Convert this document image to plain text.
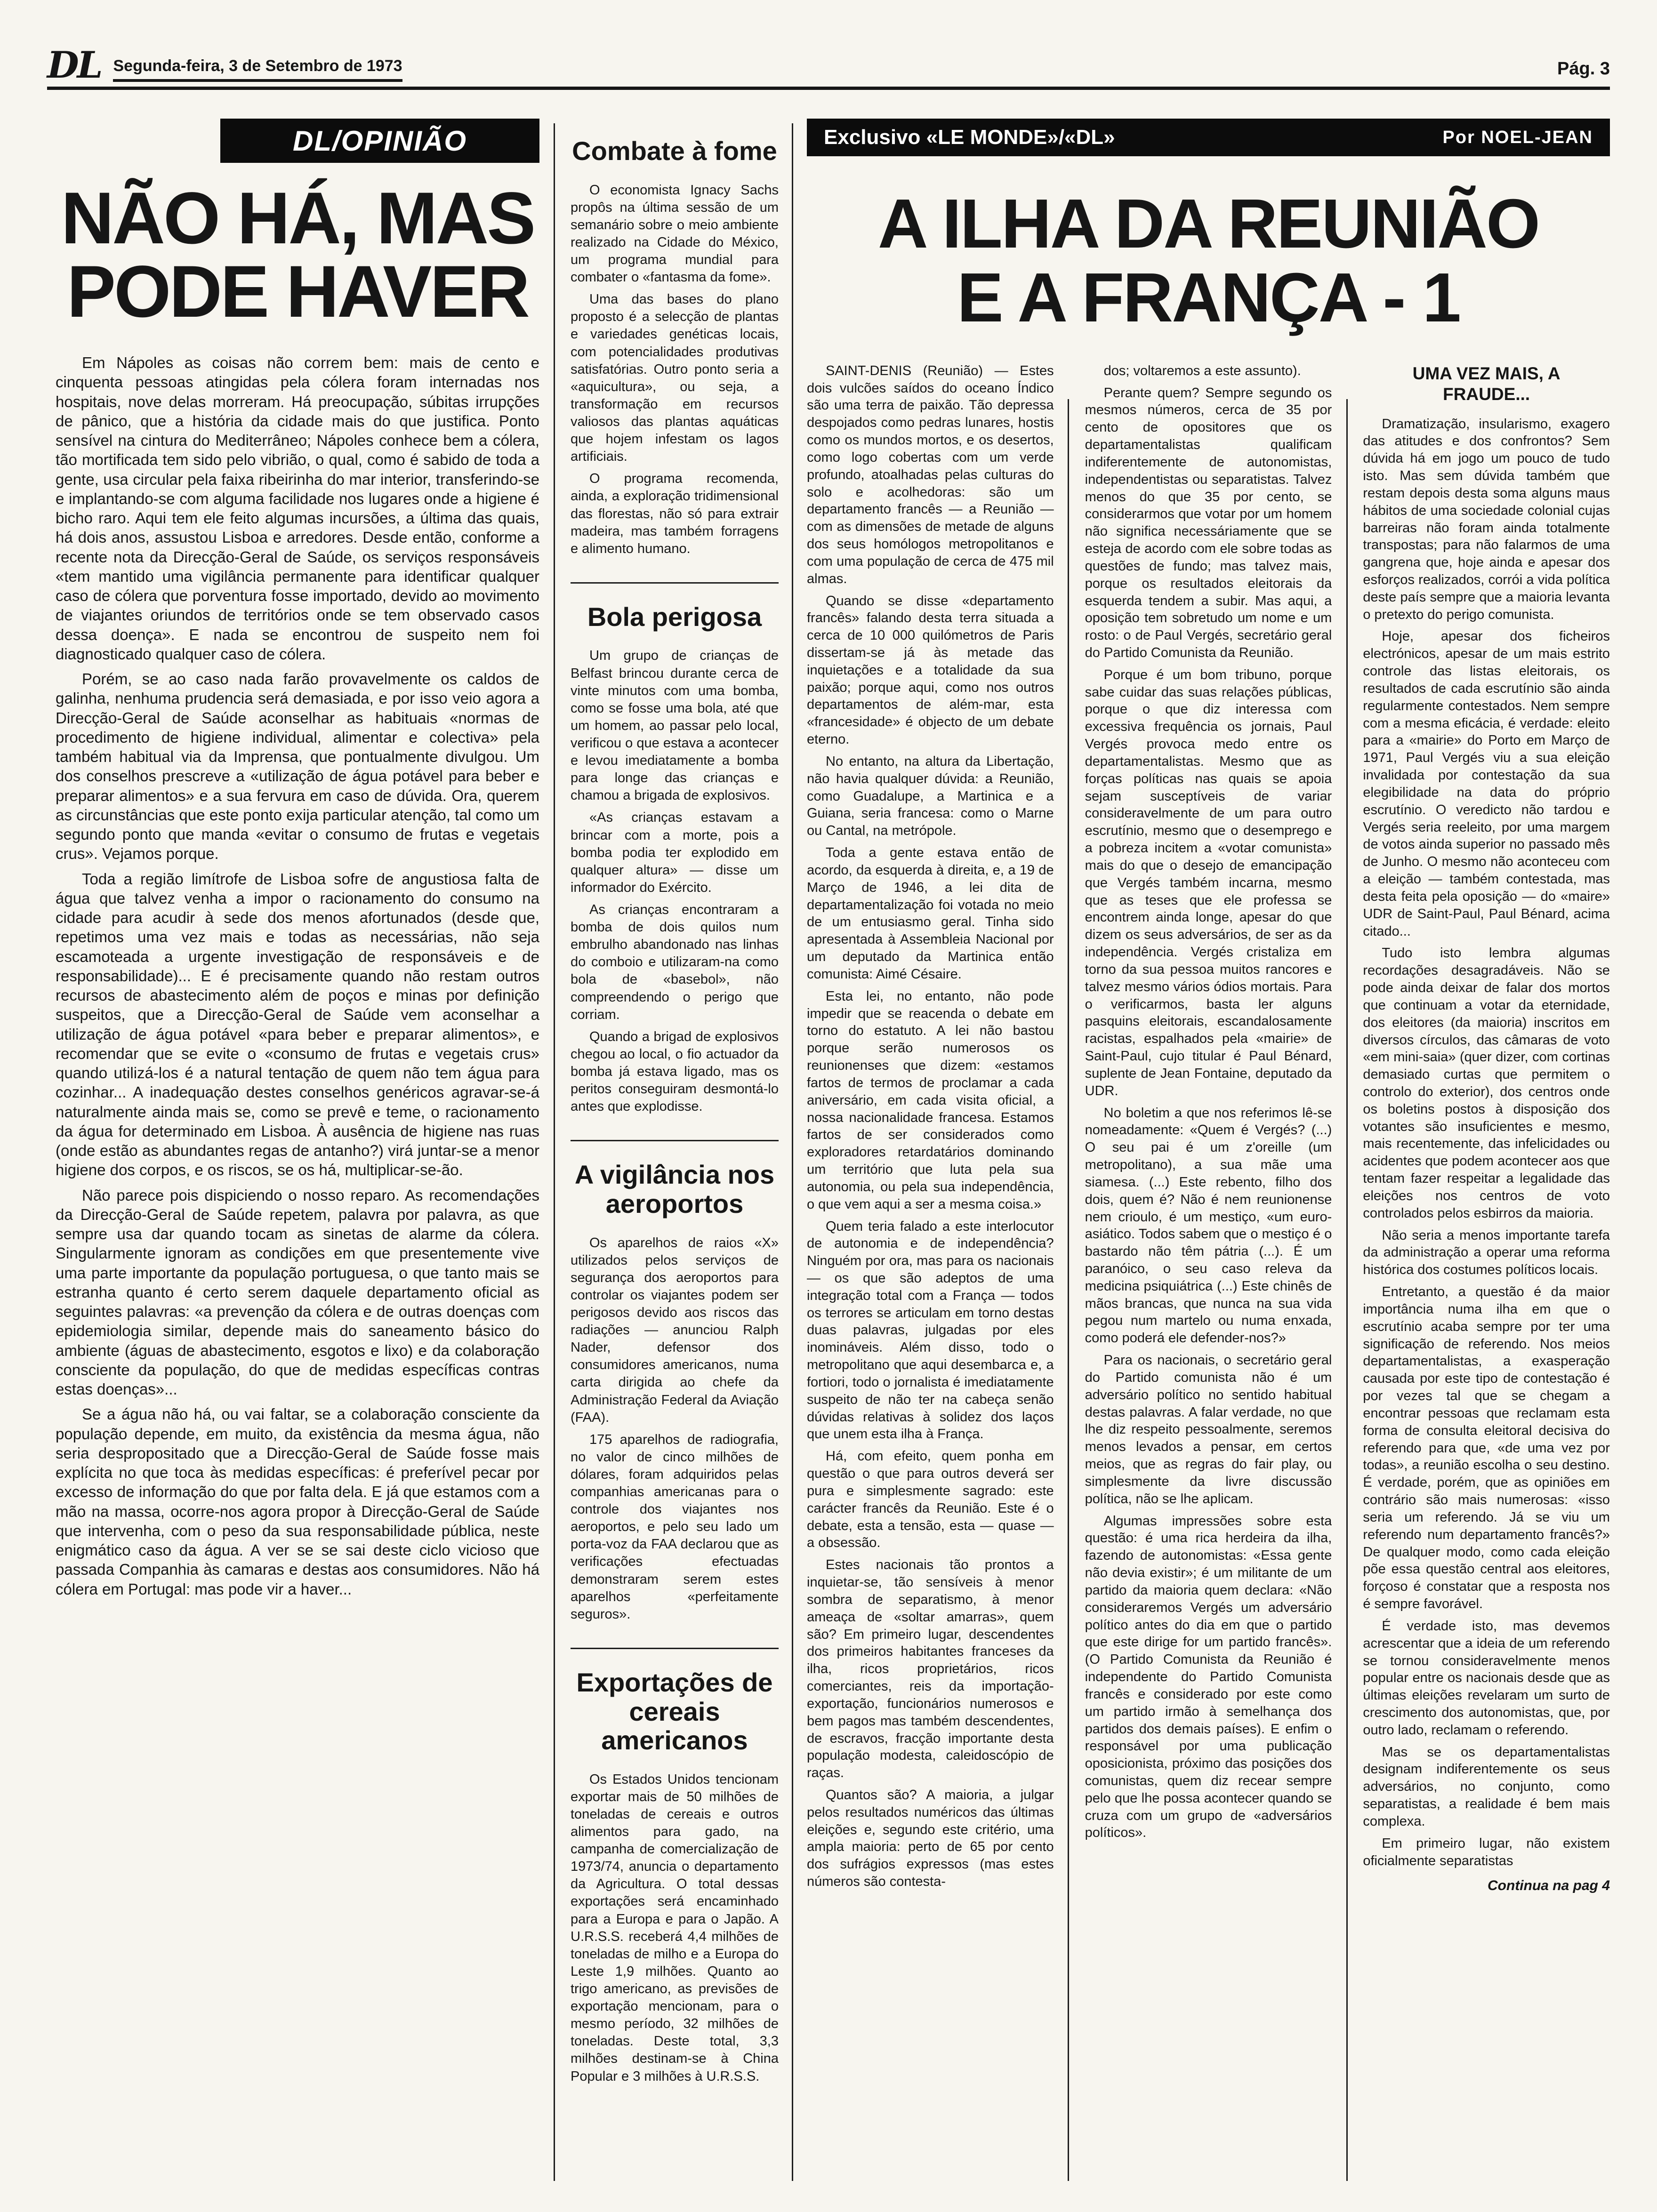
DL Segunda-feira, 3 de Setembro de 1973	Pág. 3
DL/OPINIÃO
NÃO HÁ, MAS
PODE HAVER

Em Nápoles as coisas não correm bem: mais de cento e cinquenta pessoas atingidas pela cólera foram internadas nos hospitais, nove delas morreram. Há preocupação, súbitas irrupções de pânico, que a história da cidade mais do que justifica. Ponto sensível na cintura do Mediterrâneo; Nápoles conhece bem a cólera, tão mortificada tem sido pelo vibrião, o qual, como é sabido de toda a gente, usa circular pela faixa ribeirinha do mar interior, transferindo-se e implantando-se com alguma facilidade nos lugares onde a higiene é bicho raro. Aqui tem ele feito algumas incursões, a última das quais, há dois anos, assustou Lisboa e arredores. Desde então, conforme a recente nota da Direcção-Geral de Saúde, os serviços responsáveis «tem mantido uma vigilância permanente para identificar qualquer caso de cólera que porventura fosse importado, devido ao movimento de viajantes oriundos de territórios onde se tem observado casos dessa doença». E nada se encontrou de suspeito nem foi diagnosticado qualquer caso de cólera.

Porém, se ao caso nada farão provavelmente os caldos de galinha, nenhuma prudencia será demasiada, e por isso veio agora a Direcção-Geral de Saúde aconselhar as habituais «normas de procedimento de higiene individual, alimentar e colectiva» pela também habitual via da Imprensa, que pontualmente divulgou. Um dos conselhos prescreve a «utilização de água potável para beber e preparar alimentos» e a sua fervura em caso de dúvida. Ora, querem as circunstâncias que este ponto exija particular atenção, tal como um segundo ponto que manda «evitar o consumo de frutas e vegetais crus». Vejamos porque.

Toda a região limítrofe de Lisboa sofre de angustiosa falta de água que talvez venha a impor o racionamento do consumo na cidade para acudir à sede dos menos afortunados (desde que, repetimos uma vez mais e todas as necessárias, não seja escamoteada a urgente investigação de responsáveis e de responsabilidade)... E é precisamente quando não restam outros recursos de abastecimento além de poços e minas por definição suspeitos, que a Direcção-Geral de Saúde vem aconselhar a utilização de água potável «para beber e preparar alimentos», e recomendar que se evite o «consumo de frutas e vegetais crus» quando utilizá-los é a natural tentação de quem não tem água para cozinhar... A inadequação destes conselhos genéricos agravar-se-á naturalmente ainda mais se, como se prevê e teme, o racionamento da água for determinado em Lisboa. À ausência de higiene nas ruas (onde estão as abundantes regas de antanho?) virá juntar-se a menor higiene dos corpos, e os riscos, se os há, multiplicar-se-ão.

Não parece pois dispiciendo o nosso reparo. As recomendações da Direcção-Geral de Saúde repetem, palavra por palavra, as que sempre usa dar quando tocam as sinetas de alarme da cólera. Singularmente ignoram as condições em que presentemente vive uma parte importante da população portuguesa, o que tanto mais se estranha quanto é certo serem daquele departamento oficial as seguintes palavras: «a prevenção da cólera e de outras doenças com epidemiologia similar, depende mais do saneamento básico do ambiente (águas de abastecimento, esgotos e lixo) e da colaboração consciente da população, do que de medidas específicas contras estas doenças»...

Se a água não há, ou vai faltar, se a colaboração consciente da população depende, em muito, da existência da mesma água, não seria despropositado que a Direcção-Geral de Saúde fosse mais explícita no que toca às medidas específicas: é preferível pecar por excesso de informação do que por falta dela. E já que estamos com a mão na massa, ocorre-nos agora propor à Direcção-Geral de Saúde que intervenha, com o peso da sua responsabilidade pública, neste enigmático caso da água. A ver se se sai deste ciclo vicioso que passada Companhia às camaras e destas aos consumidores. Não há cólera em Portugal: mas pode vir a haver...

Combate à fome

O economista Ignacy Sachs propôs na última sessão de um semanário sobre o meio ambiente realizado na Cidade do México, um programa mundial para combater o «fantasma da fome».

Uma das bases do plano proposto é a selecção de plantas e variedades genéticas locais, com potencialidades produtivas satisfatórias. Outro ponto seria a «aquicultura», ou seja, a transformação em recursos valiosos das plantas aquáticas que hojem infestam os lagos artificiais.

O programa recomenda, ainda, a exploração tridimensional das florestas, não só para extrair madeira, mas também forragens e alimento humano.

Bola perigosa

Um grupo de crianças de Belfast brincou durante cerca de vinte minutos com uma bomba, como se fosse uma bola, até que um homem, ao passar pelo local, verificou o que estava a acontecer e levou imediatamente a bomba para longe das crianças e chamou a brigada de explosivos.

«As crianças estavam a brincar com a morte, pois a bomba podia ter explodido em qualquer altura» — disse um informador do Exército.

As crianças encontraram a bomba de dois quilos num embrulho abandonado nas linhas do comboio e utilizaram-na como bola de «basebol», não compreendendo o perigo que corriam.

Quando a brigad de explosivos chegou ao local, o fio actuador da bomba já estava ligado, mas os peritos conseguiram desmontá-lo antes que explodisse.

A vigilância nos aeroportos

Os aparelhos de raios «X» utilizados pelos serviços de segurança dos aeroportos para controlar os viajantes podem ser perigosos devido aos riscos das radiações — anunciou Ralph Nader, defensor dos consumidores americanos, numa carta dirigida ao chefe da Administração Federal da Aviação (FAA).

175 aparelhos de radiografia, no valor de cinco milhões de dólares, foram adquiridos pelas companhias americanas para o controle dos viajantes nos aeroportos, e pelo seu lado um porta-voz da FAA declarou que as verificações efectuadas demonstraram serem estes aparelhos «perfeitamente seguros».

Exportações de cereais americanos

Os Estados Unidos tencionam exportar mais de 50 milhões de toneladas de cereais e outros alimentos para gado, na campanha de comercialização de 1973/74, anuncia o departamento da Agricultura. O total dessas exportações será encaminhado para a Europa e para o Japão. A U.R.S.S. receberá 4,4 milhões de toneladas de milho e a Europa do Leste 1,9 milhões. Quanto ao trigo americano, as previsões de exportação mencionam, para o mesmo período, 32 milhões de toneladas. Deste total, 3,3 milhões destinam-se à China Popular e 3 milhões à U.R.S.S.

Exclusivo «LE MONDE»/«DL»	Por NOEL-JEAN
A ILHA DA REUNIÃO
E A FRANÇA - 1

SAINT-DENIS (Reunião) — Estes dois vulcões saídos do oceano Índico são uma terra de paixão. Tão depressa despojados como pedras lunares, hostis como os mundos mortos, e os desertos, como logo cobertas com um verde profundo, atoalhadas pelas culturas do solo e acolhedoras: são um departamento francês — a Reunião — com as dimensões de metade de alguns dos seus homólogos metropolitanos e com uma população de cerca de 475 mil almas.

Quando se disse «departamento francês» falando desta terra situada a cerca de 10 000 quilómetros de Paris dissertam-se já às metade das inquietações e a totalidade da sua paixão; porque aqui, como nos outros departamentos de além-mar, esta «francesidade» é objecto de um debate eterno.

No entanto, na altura da Libertação, não havia qualquer dúvida: a Reunião, como Guadalupe, a Martinica e a Guiana, seria francesa: como o Marne ou Cantal, na metrópole.

Toda a gente estava então de acordo, da esquerda à direita, e, a 19 de Março de 1946, a lei dita de departamentalização foi votada no meio de um entusiasmo geral. Tinha sido apresentada à Assembleia Nacional por um deputado da Martinica então comunista: Aimé Césaire.

Esta lei, no entanto, não pode impedir que se reacenda o debate em torno do estatuto. A lei não bastou porque serão numerosos os reunionenses que dizem: «estamos fartos de termos de proclamar a cada aniversário, em cada visita oficial, a nossa nacionalidade francesa. Estamos fartos de ser considerados como exploradores retardatários dominando um território que luta pela sua autonomia, ou pela sua independência, o que vem aqui a ser a mesma coisa.»

Quem teria falado a este interlocutor de autonomia e de independência? Ninguém por ora, mas para os nacionais — os que são adeptos de uma integração total com a França — todos os terrores se articulam em torno destas duas palavras, julgadas por eles inomináveis. Além disso, todo o metropolitano que aqui desembarca e, a fortiori, todo o jornalista é imediatamente suspeito de não ter na cabeça senão dúvidas relativas à solidez dos laços que unem esta ilha à França.

Há, com efeito, quem ponha em questão o que para outros deverá ser pura e simplesmente sagrado: este carácter francês da Reunião. Este é o debate, esta a tensão, esta — quase — a obsessão.

Estes nacionais tão prontos a inquietar-se, tão sensíveis à menor sombra de separatismo, à menor ameaça de «soltar amarras», quem são? Em primeiro lugar, descendentes dos primeiros habitantes franceses da ilha, ricos proprietários, ricos comerciantes, reis da importação-exportação, funcionários numerosos e bem pagos mas também descendentes, de escravos, fracção importante desta população modesta, caleidoscópio de raças.

Quantos são? A maioria, a julgar pelos resultados numéricos das últimas eleições e, segundo este critério, uma ampla maioria: perto de 65 por cento dos sufrágios expressos (mas estes números são contesta-

dos; voltaremos a este assunto).

Perante quem? Sempre segundo os mesmos números, cerca de 35 por cento de opositores que os departamentalistas qualificam indiferentemente de autonomistas, independentistas ou separatistas. Talvez menos do que 35 por cento, se considerarmos que votar por um homem não significa necessáriamente que se esteja de acordo com ele sobre todas as questões de fundo; mas talvez mais, porque os resultados eleitorais da esquerda tendem a subir. Mas aqui, a oposição tem sobretudo um nome e um rosto: o de Paul Vergés, secretário geral do Partido Comunista da Reunião.

Porque é um bom tribuno, porque sabe cuidar das suas relações públicas, porque o que diz interessa com excessiva frequência os jornais, Paul Vergés provoca medo entre os departamentalistas. Mesmo que as forças políticas nas quais se apoia sejam susceptíveis de variar consideravelmente de um para outro escrutínio, mesmo que o desemprego e a pobreza incitem a «votar comunista» mais do que o desejo de emancipação que Vergés também incarna, mesmo que as teses que ele professa se encontrem ainda longe, apesar do que dizem os seus adversários, de ser as da independência. Vergés cristaliza em torno da sua pessoa muitos rancores e talvez mesmo vários ódios mortais. Para o verificarmos, basta ler alguns pasquins eleitorais, escandalosamente racistas, espalhados pela «mairie» de Saint-Paul, cujo titular é Paul Bénard, suplente de Jean Fontaine, deputado da UDR.

No boletim a que nos referimos lê-se nomeadamente: «Quem é Vergés? (...) O seu pai é um z'oreille (um metropolitano), a sua mãe uma siamesa. (...) Este rebento, filho dos dois, quem é? Não é nem reunionense nem crioulo, é um mestiço, «um euro-asiático. Todos sabem que o mestiço é o bastardo não têm pátria (...). É um paranóico, o seu caso releva da medicina psiquiátrica (...) Este chinês de mãos brancas, que nunca na sua vida pegou num martelo ou numa enxada, como poderá ele defender-nos?»

Para os nacionais, o secretário geral do Partido comunista não é um adversário político no sentido habitual destas palavras. A falar verdade, no que lhe diz respeito pessoalmente, seremos menos levados a pensar, em certos meios, que as regras do fair play, ou simplesmente da livre discussão política, não se lhe aplicam.

Algumas impressões sobre esta questão: é uma rica herdeira da ilha, fazendo de autonomistas: «Essa gente não devia existir»; é um militante de um partido da maioria quem declara: «Não consideraremos Vergés um adversário político antes do dia em que o partido que este dirige for um partido francês». (O Partido Comunista da Reunião é independente do Partido Comunista francês e considerado por este como um partido irmão à semelhança dos partidos dos demais países). E enfim o responsável por uma publicação oposicionista, próximo das posições dos comunistas, quem diz recear sempre pelo que lhe possa acontecer quando se cruza com um grupo de «adversários políticos».

UMA VEZ MAIS, A FRAUDE...

Dramatização, insularismo, exagero das atitudes e dos confrontos? Sem dúvida há em jogo um pouco de tudo isto. Mas sem dúvida também que restam depois desta soma alguns maus hábitos de uma sociedade colonial cujas barreiras não foram ainda totalmente transpostas; para não falarmos de uma gangrena que, hoje ainda e apesar dos esforços realizados, corrói a vida política deste país sempre que a maioria levanta o pretexto do perigo comunista.

Hoje, apesar dos ficheiros electrónicos, apesar de um mais estrito controle das listas eleitorais, os resultados de cada escrutínio são ainda regularmente contestados. Nem sempre com a mesma eficácia, é verdade: eleito para a «mairie» do Porto em Março de 1971, Paul Vergés viu a sua eleição invalidada por contestação da sua elegibilidade na data do próprio escrutínio. O veredicto não tardou e Vergés seria reeleito, por uma margem de votos ainda superior no passado mês de Junho. O mesmo não aconteceu com a eleição — também contestada, mas desta feita pela oposição — do «maire» UDR de Saint-Paul, Paul Bénard, acima citado...

Tudo isto lembra algumas recordações desagradáveis. Não se pode ainda deixar de falar dos mortos que continuam a votar da eternidade, dos eleitores (da maioria) inscritos em diversos círculos, das câmaras de voto «em mini-saia» (quer dizer, com cortinas demasiado curtas que permitem o controlo do exterior), dos centros onde os boletins postos à disposição dos votantes são insuficientes e mesmo, mais recentemente, das infelicidades ou acidentes que podem acontecer aos que tentam fazer respeitar a legalidade das eleições nos centros de voto controlados pelos esbirros da maioria.

Não seria a menos importante tarefa da administração a operar uma reforma histórica dos costumes políticos locais.

Entretanto, a questão é da maior importância numa ilha em que o escrutínio acaba sempre por ter uma significação de referendo. Nos meios departamentalistas, a exasperação causada por este tipo de contestação é por vezes tal que se chegam a encontrar pessoas que reclamam esta forma de consulta eleitoral decisiva do referendo para que, «de uma vez por todas», a reunião escolha o seu destino. É verdade, porém, que as opiniões em contrário são mais numerosas: «isso seria um referendo. Já se viu um referendo num departamento francês?» De qualquer modo, como cada eleição põe essa questão central aos eleitores, forçoso é constatar que a resposta nos é sempre favorável.

É verdade isto, mas devemos acrescentar que a ideia de um referendo se tornou consideravelmente menos popular entre os nacionais desde que as últimas eleições revelaram um surto de crescimento dos autonomistas, que, por outro lado, reclamam o referendo.

Mas se os departamentalistas designam indiferentemente os seus adversários, no conjunto, como separatistas, a realidade é bem mais complexa.

Em primeiro lugar, não existem oficialmente separatistas

Continua na pag 4
